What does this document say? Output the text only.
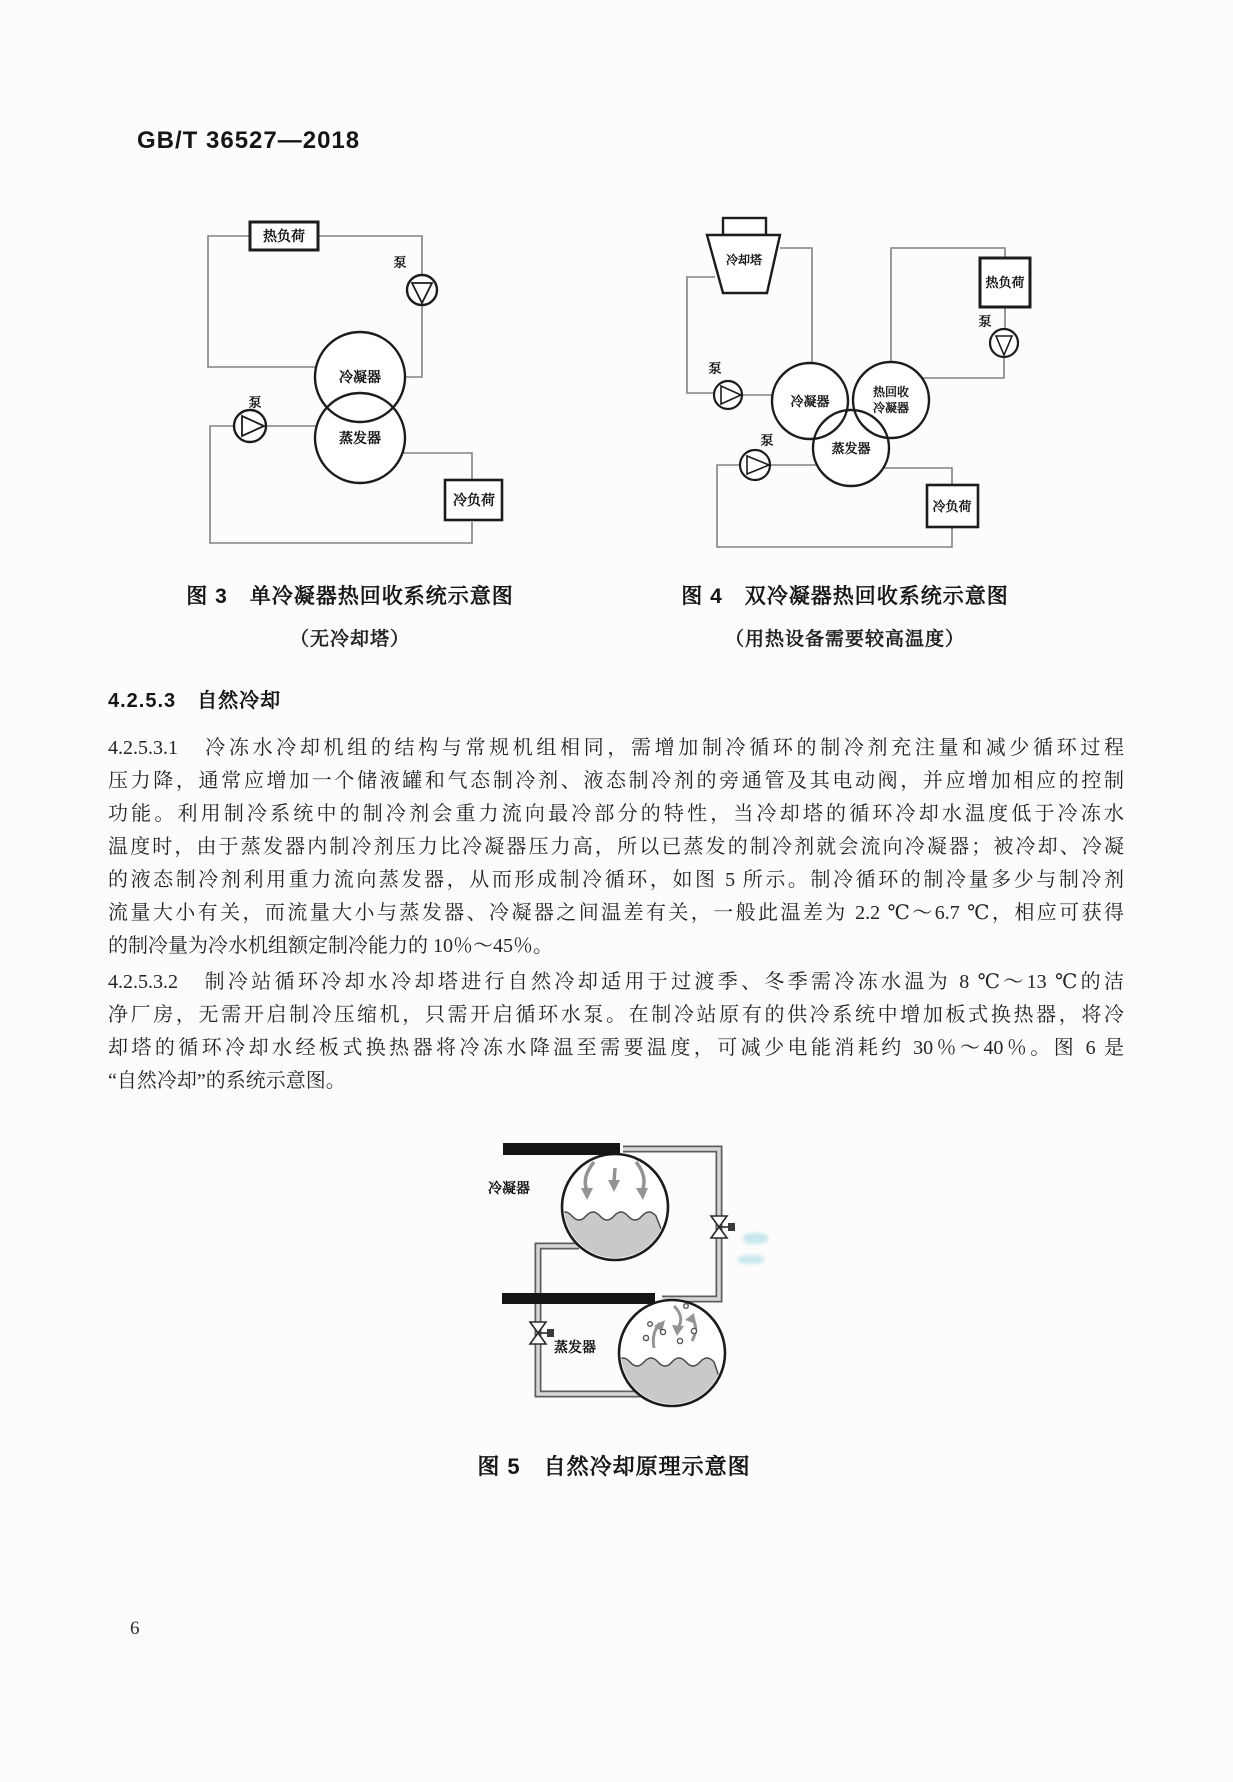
GB/T 36527—2018
热负荷
冷负荷
冷凝器
蒸发器
泵
泵
冷却塔
热负荷
冷负荷
冷凝器
热回收
冷凝器
蒸发器
泵
泵
泵
图 3　单冷凝器热回收系统示意图
（无冷却塔）
图 4　双冷凝器热回收系统示意图
（用热设备需要较高温度）
4.2.5.3　自然冷却
4.2.5.3.1　冷冻水冷却机组的结构与常规机组相同，需增加制冷循环的制冷剂充注量和减少循环过程
压力降，通常应增加一个储液罐和气态制冷剂、液态制冷剂的旁通管及其电动阀，并应增加相应的控制
功能。利用制冷系统中的制冷剂会重力流向最冷部分的特性，当冷却塔的循环冷却水温度低于冷冻水
温度时，由于蒸发器内制冷剂压力比冷凝器压力高，所以已蒸发的制冷剂就会流向冷凝器；被冷却、冷凝
的液态制冷剂利用重力流向蒸发器，从而形成制冷循环，如图 5 所示。制冷循环的制冷量多少与制冷剂
流量大小有关，而流量大小与蒸发器、冷凝器之间温差有关，一般此温差为 2.2 ℃～6.7 ℃，相应可获得
的制冷量为冷水机组额定制冷能力的 10％～45％。
4.2.5.3.2　制冷站循环冷却水冷却塔进行自然冷却适用于过渡季、冬季需冷冻水温为 8 ℃～13 ℃的洁
净厂房，无需开启制冷压缩机，只需开启循环水泵。在制冷站原有的供冷系统中增加板式换热器，将冷
却塔的循环冷却水经板式换热器将冷冻水降温至需要温度，可减少电能消耗约 30％～40％。图 6 是
“自然冷却”的系统示意图。
冷凝器
蒸发器
图 5　自然冷却原理示意图
6
